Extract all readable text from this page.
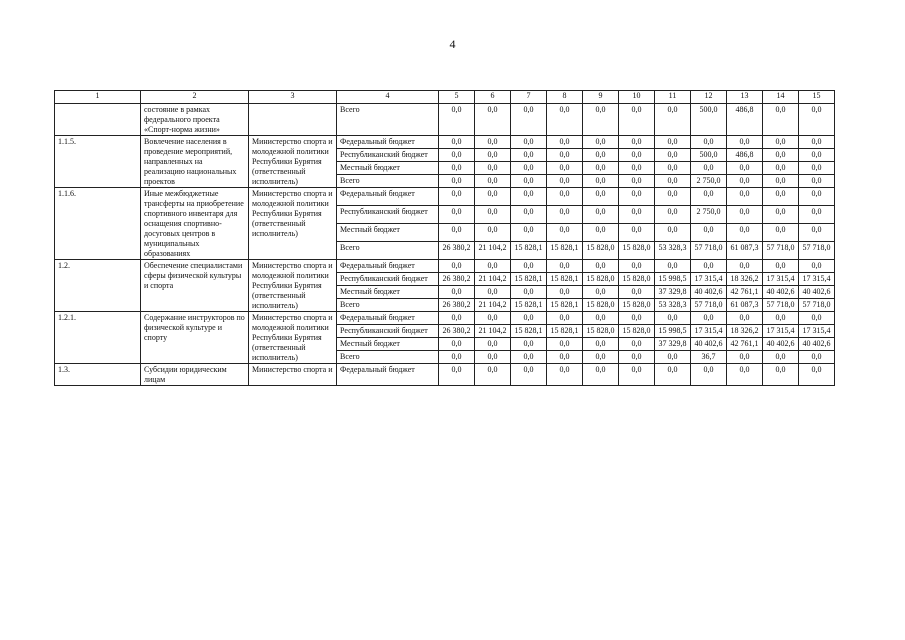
4
1	2	3	4	5	6	7	8	9	10	11	12	13	14	15
	состояние в рамках федерального проекта «Спорт-норма жизни»		Всего	0,0	0,0	0,0	0,0	0,0	0,0	0,0	500,0	486,8	0,0	0,0
1.1.5.	Вовлечение населения в проведение мероприятий, направленных на реализацию национальных проектов	Министерство спорта и молодежной политики Республики Бурятия (ответственный исполнитель)	Федеральный бюджет	0,0	0,0	0,0	0,0	0,0	0,0	0,0	0,0	0,0	0,0	0,0
			Республиканский бюджет	0,0	0,0	0,0	0,0	0,0	0,0	0,0	500,0	486,8	0,0	0,0
			Местный бюджет	0,0	0,0	0,0	0,0	0,0	0,0	0,0	0,0	0,0	0,0	0,0
			Всего	0,0	0,0	0,0	0,0	0,0	0,0	0,0	2 750,0	0,0	0,0	0,0
1.1.6.	Иные межбюджетные трансферты на приобретение спортивного инвентаря для оснащения спортивно-досуговых центров в муниципальных образованиях	Министерство спорта и молодежной политики Республики Бурятия (ответственный исполнитель)	Федеральный бюджет	0,0	0,0	0,0	0,0	0,0	0,0	0,0	0,0	0,0	0,0	0,0
			Республиканский бюджет	0,0	0,0	0,0	0,0	0,0	0,0	0,0	2 750,0	0,0	0,0	0,0
			Местный бюджет	0,0	0,0	0,0	0,0	0,0	0,0	0,0	0,0	0,0	0,0	0,0
			Всего	26 380,2	21 104,2	15 828,1	15 828,1	15 828,0	15 828,0	53 328,3	57 718,0	61 087,3	57 718,0	57 718,0
1.2.	Обеспечение специалистами сферы физической культуры и спорта	Министерство спорта и молодежной политики Республики Бурятия (ответственный исполнитель)	Федеральный бюджет	0,0	0,0	0,0	0,0	0,0	0,0	0,0	0,0	0,0	0,0	0,0
			Республиканский бюджет	26 380,2	21 104,2	15 828,1	15 828,1	15 828,0	15 828,0	15 998,5	17 315,4	18 326,2	17 315,4	17 315,4
			Местный бюджет	0,0	0,0	0,0	0,0	0,0	0,0	37 329,8	40 402,6	42 761,1	40 402,6	40 402,6
			Всего	26 380,2	21 104,2	15 828,1	15 828,1	15 828,0	15 828,0	53 328,3	57 718,0	61 087,3	57 718,0	57 718,0
1.2.1.	Содержание инструкторов по физической культуре и спорту	Министерство спорта и молодежной политики Республики Бурятия (ответственный исполнитель)	Федеральный бюджет	0,0	0,0	0,0	0,0	0,0	0,0	0,0	0,0	0,0	0,0	0,0
			Республиканский бюджет	26 380,2	21 104,2	15 828,1	15 828,1	15 828,0	15 828,0	15 998,5	17 315,4	18 326,2	17 315,4	17 315,4
			Местный бюджет	0,0	0,0	0,0	0,0	0,0	0,0	37 329,8	40 402,6	42 761,1	40 402,6	40 402,6
			Всего	0,0	0,0	0,0	0,0	0,0	0,0	0,0	36,7	0,0	0,0	0,0
1.3.	Субсидии юридическим лицам	Министерство спорта и	Федеральный бюджет	0,0	0,0	0,0	0,0	0,0	0,0	0,0	0,0	0,0	0,0	0,0
